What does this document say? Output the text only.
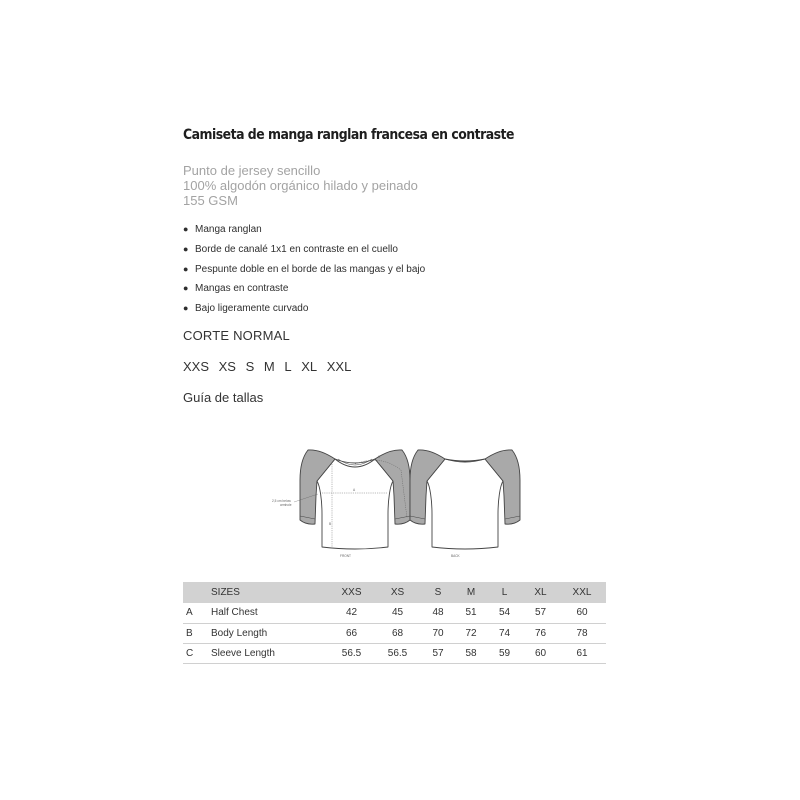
Camiseta de manga ranglan francesa en contraste
Punto de jersey sencillo
100% algodón orgánico hilado y peinado
155 GSM
● Manga ranglan
● Borde de canalé 1x1 en contraste en el cuello
● Pespunte doble en el borde de las mangas y el bajo
● Mangas en contraste
● Bajo ligeramente curvado
CORTE NORMAL
XXS XS S M L XL XXL
Guía de tallas
A
B
C
2,5 cm below
armhole
FRONT	BACK
	SIZES	XXS	XS	S	M	L	XL	XXL
A	Half Chest	42	45	48	51	54	57	60
B	Body Length	66	68	70	72	74	76	78
C	Sleeve Length	56.5	56.5	57	58	59	60	61
